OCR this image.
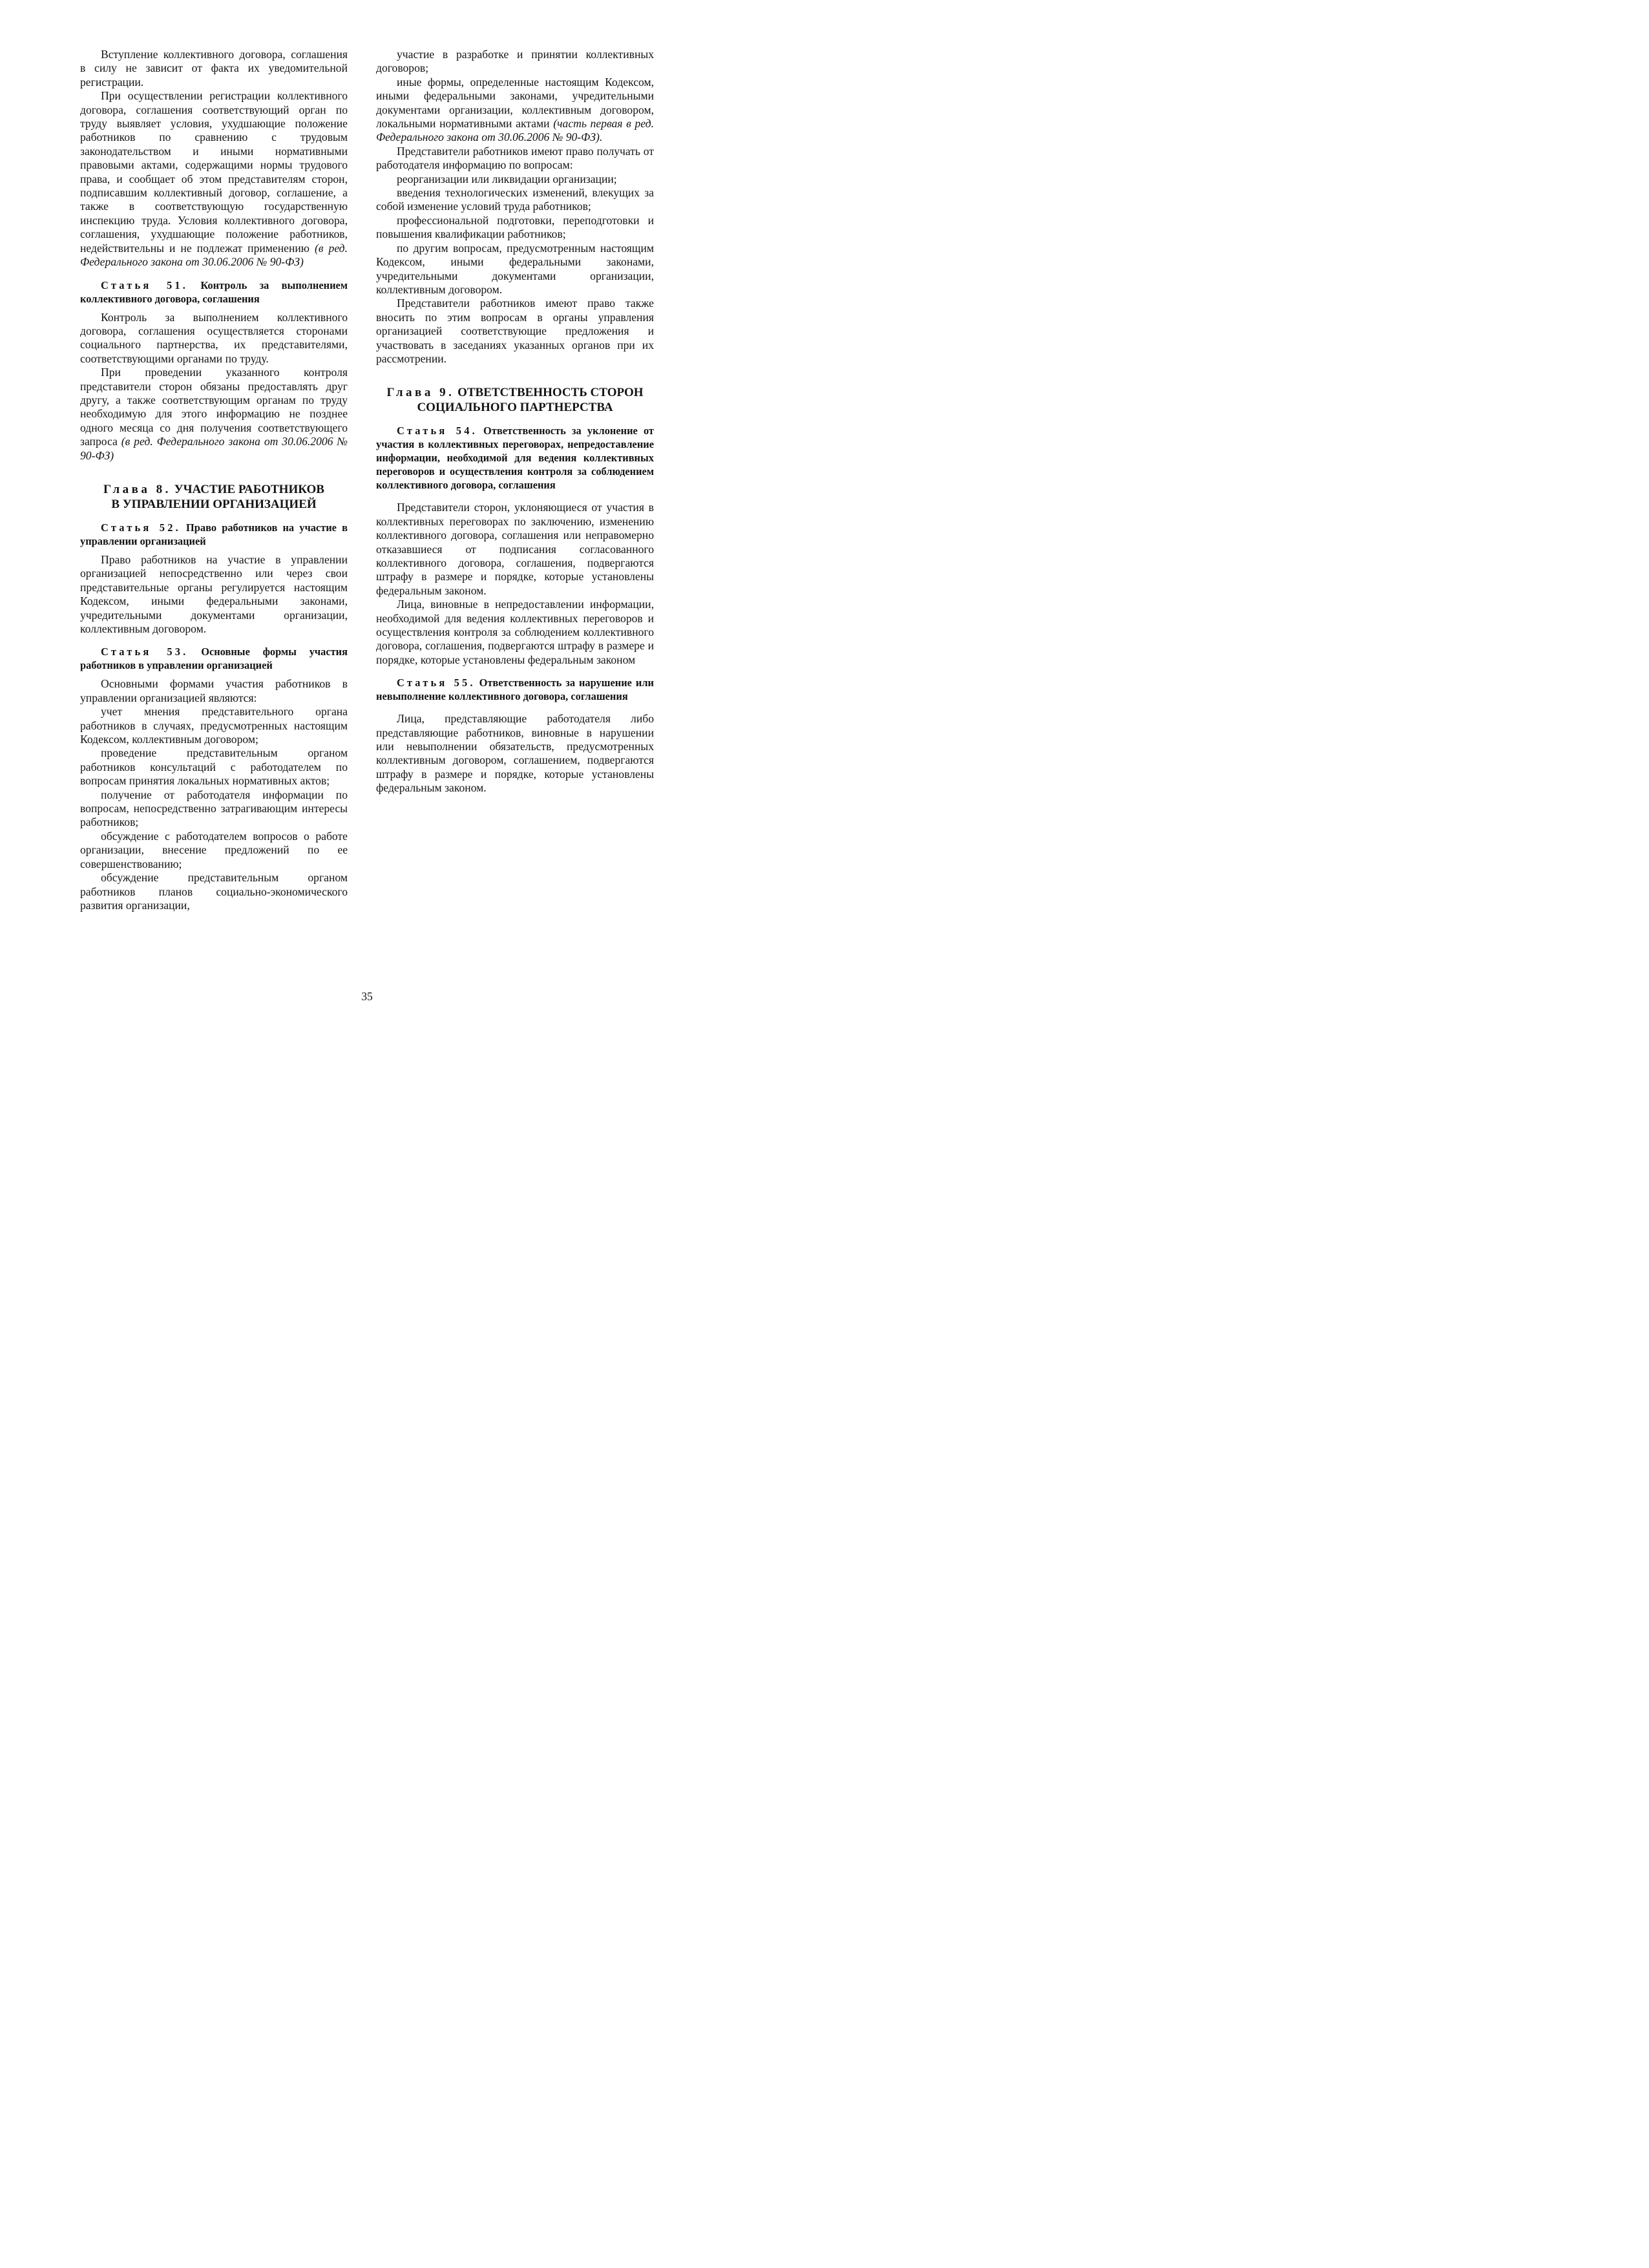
Вступление коллективного договора, соглашения в силу не зависит от факта их уведомительной регистрации.

При осуществлении регистрации коллективного договора, соглашения соответствующий орган по труду выявляет условия, ухудшающие положение работников по сравнению с трудовым законодательством и иными нормативными правовыми актами, содержащими нормы трудового права, и сообщает об этом представителям сторон, подписавшим коллективный договор, соглашение, а также в соответствующую государственную инспекцию труда. Условия коллективного договора, соглашения, ухудшающие положение работников, недействительны и не подлежат применению (в ред. Федерального закона от 30.06.2006 № 90-ФЗ)

Статья 51. Контроль за выполнением коллективного договора, соглашения

Контроль за выполнением коллективного договора, соглашения осуществляется сторонами социального партнерства, их представителями, соответствующими органами по труду.

При проведении указанного контроля представители сторон обязаны предоставлять друг другу, а также соответствующим органам по труду необходимую для этого информацию не позднее одного месяца со дня получения соответствующего запроса (в ред. Федерального закона от 30.06.2006 № 90-ФЗ)

Глава 8. УЧАСТИЕ РАБОТНИКОВ
В УПРАВЛЕНИИ ОРГАНИЗАЦИЕЙ
Статья 52. Право работников на участие в управлении организацией

Право работников на участие в управлении организацией непосредственно или через свои представительные органы регулируется настоящим Кодексом, иными федеральными законами, учредительными документами организации, коллективным договором.

Статья 53. Основные формы участия работников в управлении организацией

Основными формами участия работников в управлении организацией являются:

учет мнения представительного органа работников в случаях, предусмотренных настоящим Кодексом, коллективным договором;

проведение представительным органом работников консультаций с работодателем по вопросам принятия локальных нормативных актов;

получение от работодателя информации по вопросам, непосредственно затрагивающим интересы работников;

обсуждение с работодателем вопросов о работе организации, внесение предложений по ее совершенствованию;

обсуждение представительным органом работников планов социально-экономического развития организации,

участие в разработке и принятии коллективных договоров;

иные формы, определенные настоящим Кодексом, иными федеральными законами, учредительными документами организации, коллективным договором, локальными нормативными актами (часть первая в ред. Федерального закона от 30.06.2006 № 90-ФЗ).

Представители работников имеют право получать от работодателя информацию по вопросам:

реорганизации или ликвидации организации;

введения технологических изменений, влекущих за собой изменение условий труда работников;

профессиональной подготовки, переподготовки и повышения квалификации работников;

по другим вопросам, предусмотренным настоящим Кодексом, иными федеральными законами, учредительными документами организации, коллективным договором.

Представители работников имеют право также вносить по этим вопросам в органы управления организацией соответствующие предложения и участвовать в заседаниях указанных органов при их рассмотрении.

Глава 9. ОТВЕТСТВЕННОСТЬ СТОРОН
СОЦИАЛЬНОГО ПАРТНЕРСТВА
Статья 54. Ответственность за уклонение от участия в коллективных переговорах, непредоставление информации, необходимой для ведения коллективных переговоров и осуществления контроля за соблюдением коллективного договора, соглашения

Представители сторон, уклоняющиеся от участия в коллективных переговорах по заключению, изменению коллективного договора, соглашения или неправомерно отказавшиеся от подписания согласованного коллективного договора, соглашения, подвергаются штрафу в размере и порядке, которые установлены федеральным законом.

Лица, виновные в непредоставлении информации, необходимой для ведения коллективных переговоров и осуществления контроля за соблюдением коллективного договора, соглашения, подвергаются штрафу в размере и порядке, которые установлены федеральным законом

Статья 55. Ответственность за нарушение или невыполнение коллективного договора, соглашения

Лица, представляющие работодателя либо представляющие работников, виновные в нарушении или невыполнении обязательств, предусмотренных коллективным договором, соглашением, подвергаются штрафу в размере и порядке, которые установлены федеральным законом.

35
